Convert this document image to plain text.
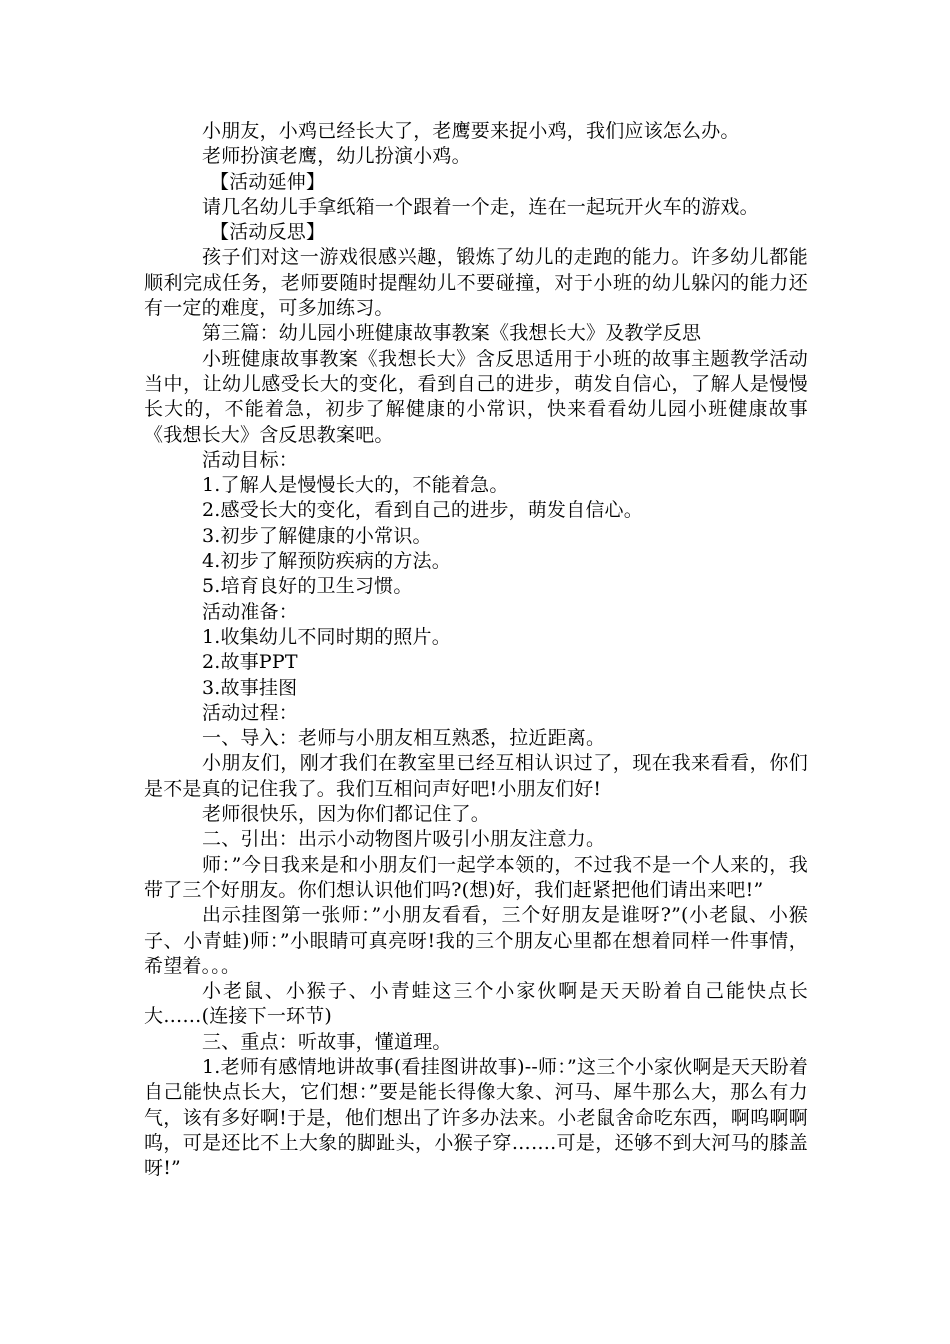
小朋友，小鸡已经长大了，老鹰要来捉小鸡，我们应该怎么办。

老师扮演老鹰，幼儿扮演小鸡。

【活动延伸】

请几名幼儿手拿纸箱一个跟着一个走，连在一起玩开火车的游戏。

【活动反思】

孩子们对这一游戏很感兴趣，锻炼了幼儿的走跑的能力。许多幼儿都能顺利完成任务，老师要随时提醒幼儿不要碰撞，对于小班的幼儿躲闪的能力还有一定的难度，可多加练习。

第三篇：幼儿园小班健康故事教案《我想长大》及教学反思

小班健康故事教案《我想长大》含反思适用于小班的故事主题教学活动当中，让幼儿感受长大的变化，看到自己的进步，萌发自信心，了解人是慢慢长大的，不能着急，初步了解健康的小常识，快来看看幼儿园小班健康故事《我想长大》含反思教案吧。

活动目标：

1.了解人是慢慢长大的，不能着急。

2.感受长大的变化，看到自己的进步，萌发自信心。

3.初步了解健康的小常识。

4.初步了解预防疾病的方法。

5.培育良好的卫生习惯。

活动准备：

1.收集幼儿不同时期的照片。

2.故事PPT

3.故事挂图

活动过程：

一、导入：老师与小朋友相互熟悉，拉近距离。

小朋友们，刚才我们在教室里已经互相认识过了，现在我来看看，你们是不是真的记住我了。我们互相问声好吧!小朋友们好!

老师很快乐，因为你们都记住了。

二、引出：出示小动物图片吸引小朋友注意力。

师：”今日我来是和小朋友们一起学本领的，不过我不是一个人来的，我带了三个好朋友。你们想认识他们吗?(想)好，我们赶紧把他们请出来吧!”

出示挂图第一张师：”小朋友看看，三个好朋友是谁呀?”(小老鼠、小猴子、小青蛙)师：”小眼睛可真亮呀!我的三个朋友心里都在想着同样一件事情，希望着。。。

小老鼠、小猴子、小青蛙这三个小家伙啊是天天盼着自己能快点长大……(连接下一环节)

三、重点：听故事，懂道理。

1.老师有感情地讲故事(看挂图讲故事)--师：”这三个小家伙啊是天天盼着自己能快点长大，它们想：”要是能长得像大象、河马、犀牛那么大，那么有力气，该有多好啊!于是，他们想出了许多办法来。小老鼠舍命吃东西，啊呜啊啊呜，可是还比不上大象的脚趾头，小猴子穿…….可是，还够不到大河马的膝盖呀!”
